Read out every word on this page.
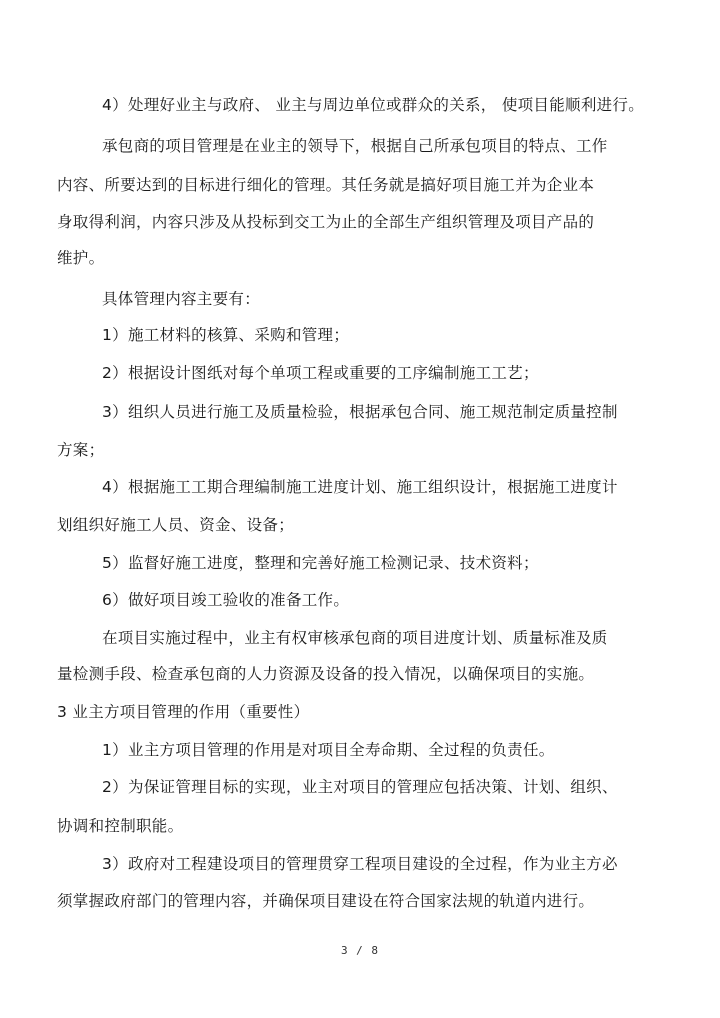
4）处理好业主与政府、 业主与周边单位或群众的关系， 使项目能顺利进行。
承包商的项目管理是在业主的领导下，根据自己所承包项目的特点、工作
内容、所要达到的目标进行细化的管理。其任务就是搞好项目施工并为企业本
身取得利润，内容只涉及从投标到交工为止的全部生产组织管理及项目产品的
维护。
具体管理内容主要有：
1）施工材料的核算、采购和管理；
2）根据设计图纸对每个单项工程或重要的工序编制施工工艺；
3）组织人员进行施工及质量检验，根据承包合同、施工规范制定质量控制
方案；
4）根据施工工期合理编制施工进度计划、施工组织设计，根据施工进度计
划组织好施工人员、资金、设备；
5）监督好施工进度，整理和完善好施工检测记录、技术资料；
6）做好项目竣工验收的准备工作。
在项目实施过程中，业主有权审核承包商的项目进度计划、质量标准及质
量检测手段、检查承包商的人力资源及设备的投入情况，以确保项目的实施。
3 业主方项目管理的作用（重要性）
1）业主方项目管理的作用是对项目全寿命期、全过程的负责任。
2）为保证管理目标的实现，业主对项目的管理应包括决策、计划、组织、
协调和控制职能。
3）政府对工程建设项目的管理贯穿工程项目建设的全过程，作为业主方必
须掌握政府部门的管理内容，并确保项目建设在符合国家法规的轨道内进行。
3 / 8
